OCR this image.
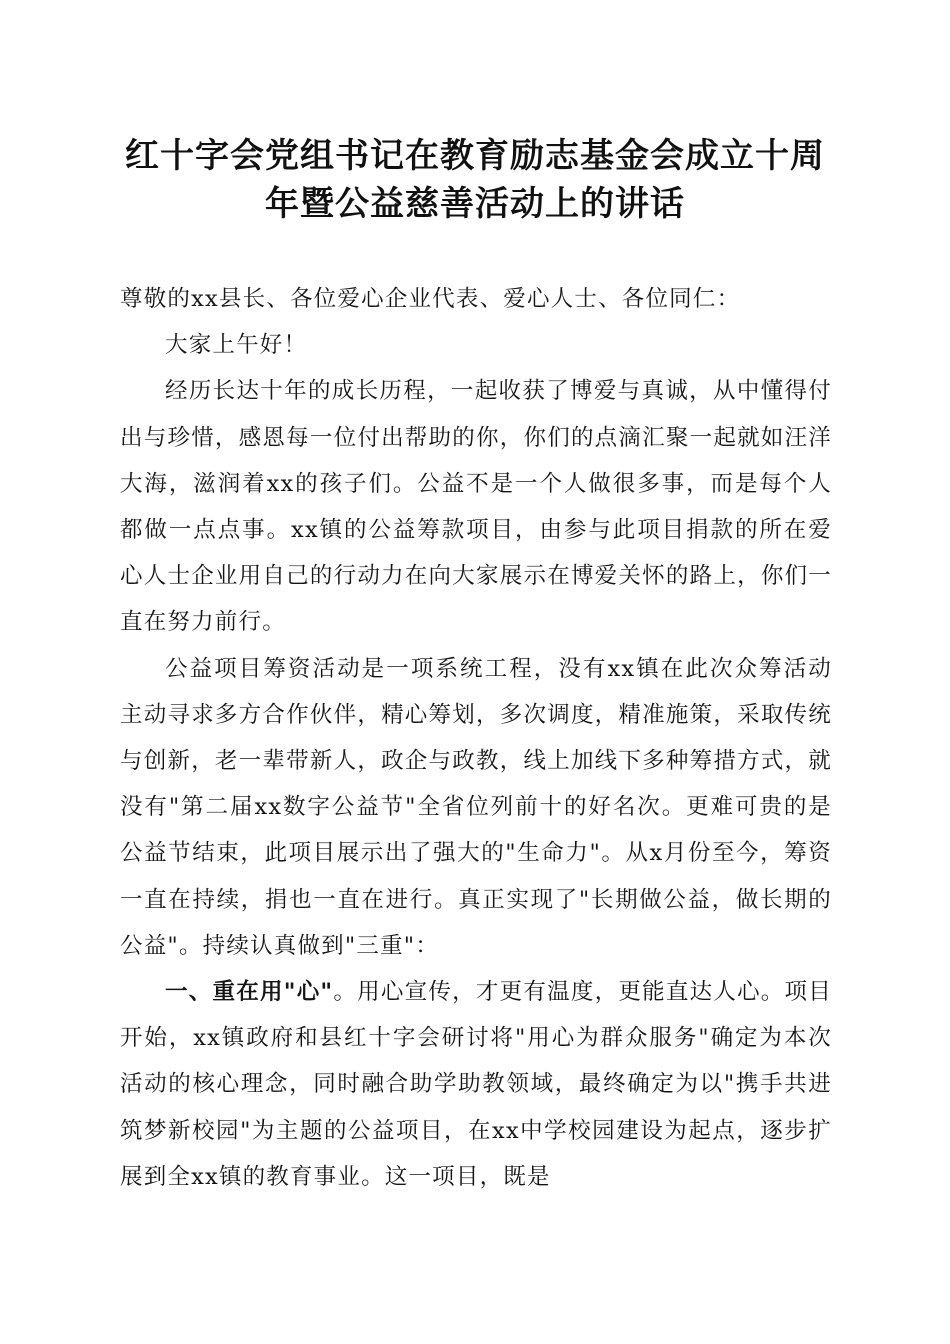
红十字会党组书记在教育励志基金会成立十周
年暨公益慈善活动上的讲话

尊敬的xx县长、各位爱心企业代表、爱心人士、各位同仁：

大家上午好！

经历长达十年的成长历程，一起收获了博爱与真诚，从中懂得付出与珍惜，感恩每一位付出帮助的你，你们的点滴汇聚一起就如汪洋大海，滋润着xx的孩子们。公益不是一个人做很多事，而是每个人都做一点点事。xx镇的公益筹款项目，由参与此项目捐款的所在爱心人士企业用自己的行动力在向大家展示在博爱关怀的路上，你们一直在努力前行。

公益项目筹资活动是一项系统工程，没有xx镇在此次众筹活动主动寻求多方合作伙伴，精心筹划，多次调度，精准施策，采取传统与创新，老一辈带新人，政企与政教，线上加线下多种筹措方式，就没有"第二届xx数字公益节"全省位列前十的好名次。更难可贵的是公益节结束，此项目展示出了强大的"生命力"。从x月份至今，筹资一直在持续，捐也一直在进行。真正实现了"长期做公益，做长期的公益"。持续认真做到"三重"：

一、重在用"心"。用心宣传，才更有温度，更能直达人心。项目开始，xx镇政府和县红十字会研讨将"用心为群众服务"确定为本次活动的核心理念，同时融合助学助教领域，最终确定为以"携手共进筑梦新校园"为主题的公益项目，在xx中学校园建设为起点，逐步扩展到全xx镇的教育事业。这一项目，既是
